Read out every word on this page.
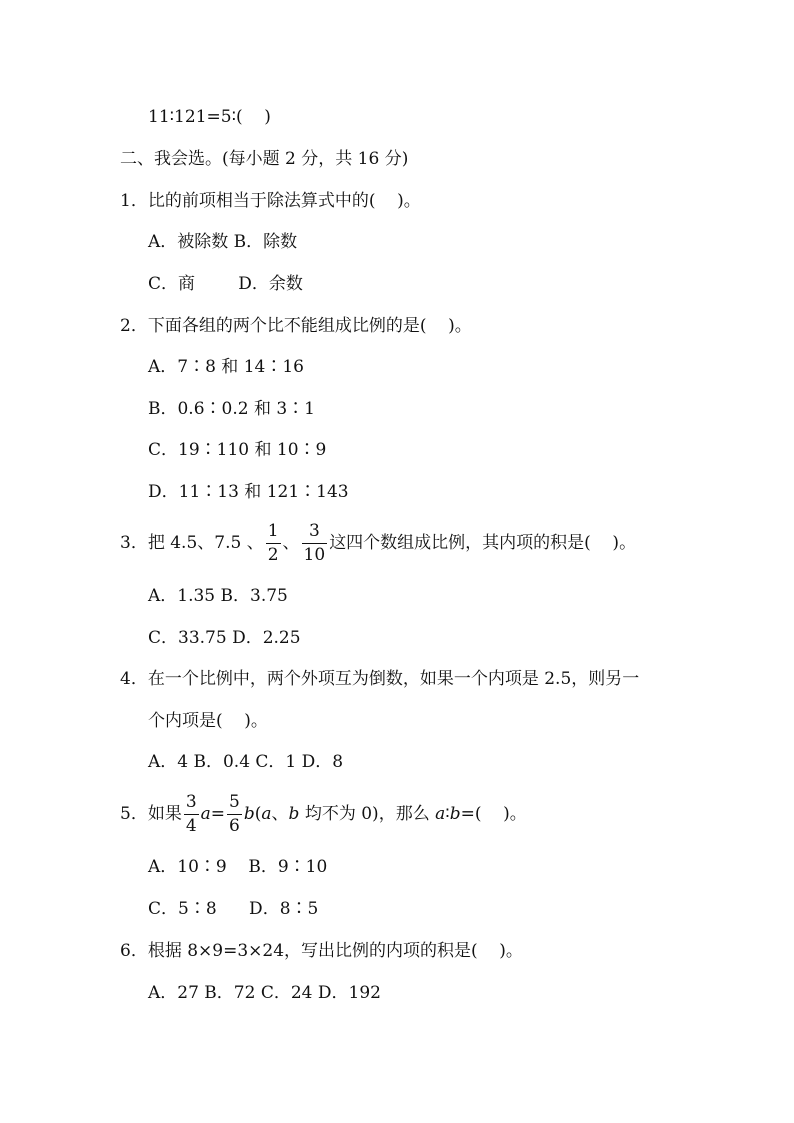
11∶121=5∶(    )
二、我会选。(每小题 2 分，共 16 分)
1．比的前项相当于除法算式中的(    )。
A．被除数 B．除数
C．商        D．余数
2．下面各组的两个比不能组成比例的是(    )。
A．7∶8 和 14∶16
B．0.6∶0.2 和 3∶1
C．19∶110 和 10∶9
D．11∶13 和 121∶143
3．把 4.5、7.5 、 $\frac{1}{2}$ 、 $\frac{3}{10}$ 这四个数组成比例，其内项的积是(    )。
A．1.35 B．3.75
C．33.75 D．2.25
4．在一个比例中，两个外项互为倒数，如果一个内项是 2.5，则另一
个内项是(    )。
A．4 B．0.4 C．1 D．8
5．如果 $\frac{3}{4} a= \frac{5}{6} b(a$、b 均不为 0)，那么 a∶b=(    )。
A．10∶9    B．9∶10
C．5∶8      D．8∶5
6．根据 8×9=3×24，写出比例的内项的积是(    )。
A．27 B．72 C．24 D．192
